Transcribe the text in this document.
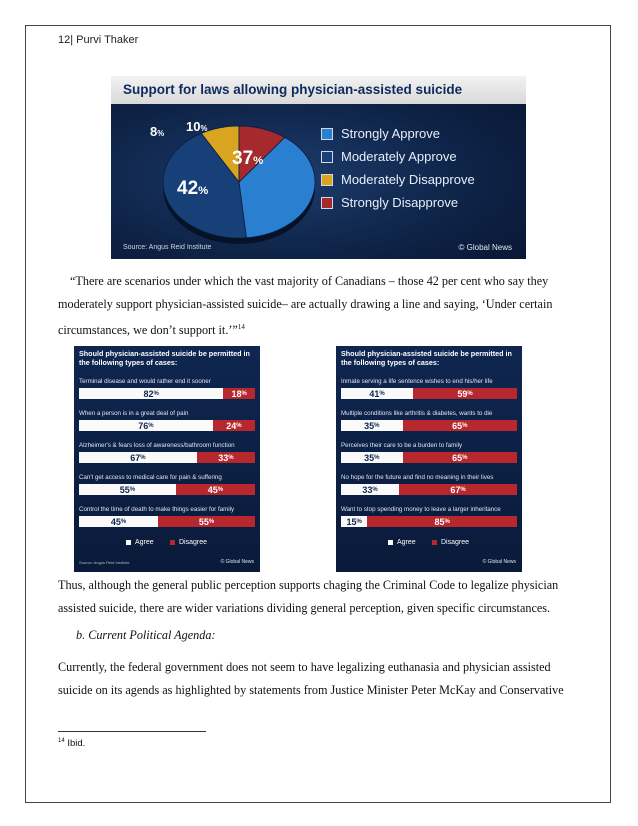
12| Purvi Thaker
Support for laws allowing physician-assisted suicide
Strongly Approve
Moderately Approve
Moderately Disapprove
Strongly Disapprove
37%
42%
8% 10%
Source: Angus Reid Institute	© Global News
“There are scenarios under which the vast majority of Canadians – those 42 per cent who say they
moderately support physician-assisted suicide– are actually drawing a line and saying, ‘Under certain
circumstances, we don’t support it.’”$^{14}$
Should physician-assisted suicide be permitted in the following types of cases:
Terminal disease and would rather end it sooner
82 %	18 %
When a person is in a great deal of pain
76 %	24 %
Alzheimer's & fears loss of awareness/bathroom function
67 %	33 %
Can't get access to medical care for pain & suffering
55 %	45 %
Control the time of death to make things easier for family
45 %	55 %
Agree	Disagree
Source: Angus Reid Institute	© Global News
Should physician-assisted suicide be permitted in the following types of cases:
Inmate serving a life sentence wishes to end his/her life
41 %	59 %
Multiple conditions like arthritis & diabetes, wants to die
35 %	65 %
Perceives their care to be a burden to family
35 %	65 %
No hope for the future and find no meaning in their lives
33 %	67 %
Want to stop spending money to leave a larger inheritance
15 %	85 %
Agree	Disagree
© Global News
Thus, although the general public perception supports chaging the Criminal Code to legalize physician
assisted suicide, there are wider variations dividing general perception, given specific circumstances.
b. Current Political Agenda:
Currently, the federal government does not seem to have legalizing euthanasia and physician assisted
suicide on its agends as highlighted by statements from Justice Minister Peter McKay and Conservative
$^{14}$ Ibid.
